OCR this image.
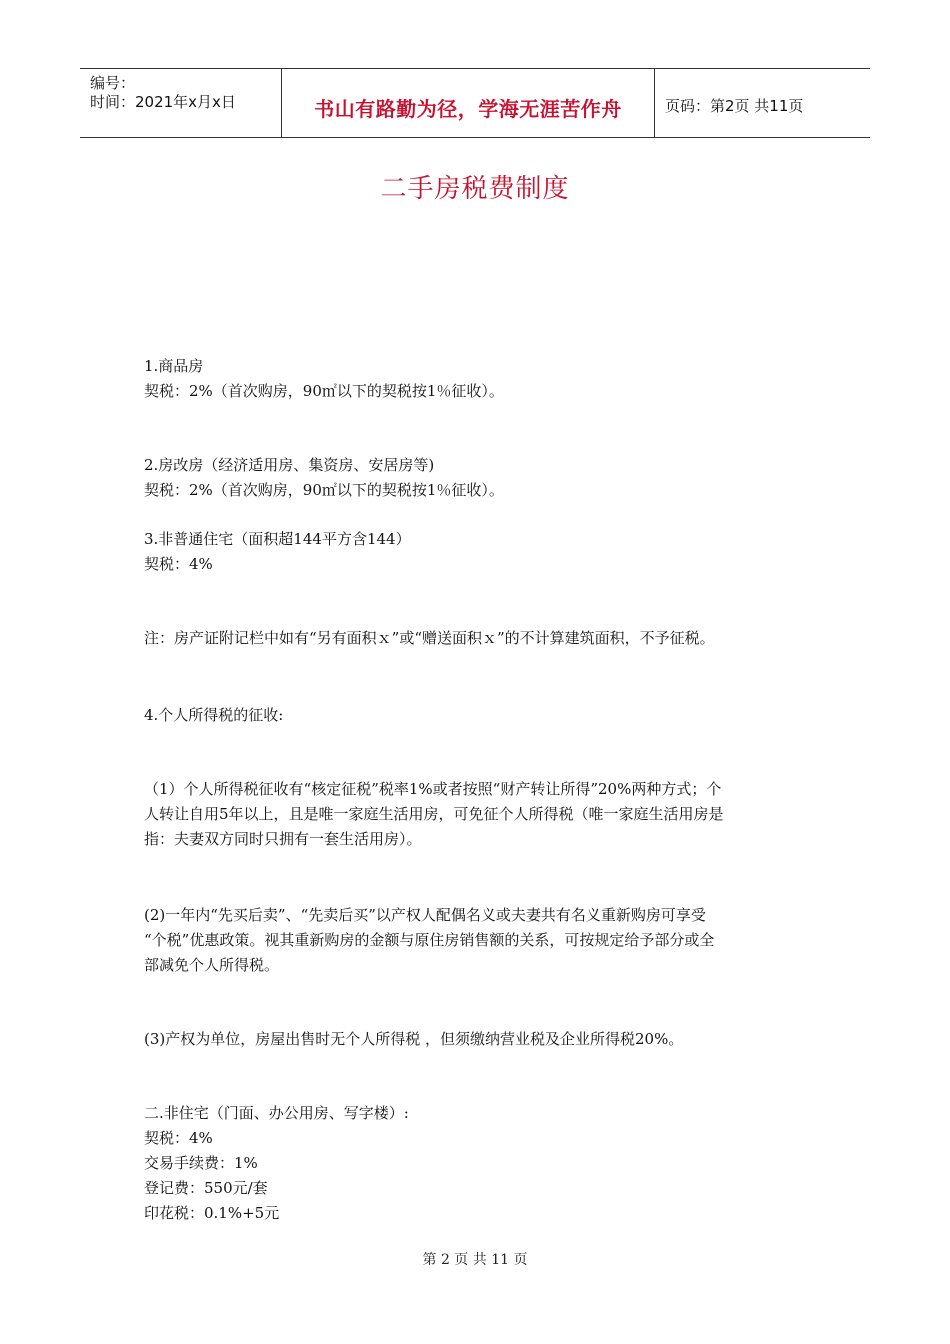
编号：
时间：2021年x月x日	书山有路勤为径，学海无涯苦作舟	页码：第2页 共11页
二手房税费制度
1.商品房
契税：2%（首次购房，90㎡以下的契税按1％征收）。
2.房改房（经济适用房、集资房、安居房等)
契税：2%（首次购房，90㎡以下的契税按1％征收）。
3.非普通住宅（面积超144平方含144）
契税：4%
注：房产证附记栏中如有“另有面积ｘ”或“赠送面积ｘ”的不计算建筑面积，不予征税。
4.个人所得税的征收:
（1）个人所得税征收有“核定征税”税率1%或者按照“财产转让所得”20%两种方式；个
人转让自用5年以上，且是唯一家庭生活用房，可免征个人所得税（唯一家庭生活用房是
指：夫妻双方同时只拥有一套生活用房）。
(2)一年内“先买后卖”、“先卖后买”以产权人配偶名义或夫妻共有名义重新购房可享受
“个税”优惠政策。视其重新购房的金额与原住房销售额的关系，可按规定给予部分或全
部减免个人所得税。
(3)产权为单位，房屋出售时无个人所得税 ，但须缴纳营业税及企业所得税20%。
二.非住宅（门面、办公用房、写字楼）:
契税：4%
交易手续费：1%
登记费：550元/套
印花税：0.1%+5元
第 2 页 共 11 页
